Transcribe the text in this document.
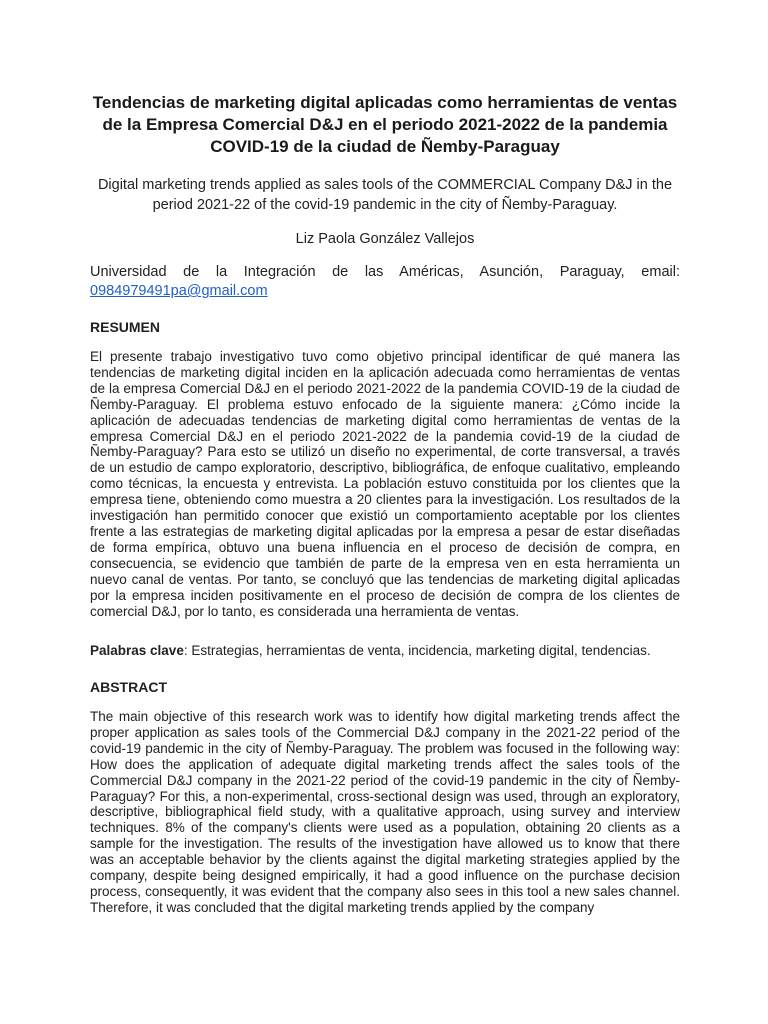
Tendencias de marketing digital aplicadas como herramientas de ventas de la Empresa Comercial D&J en el periodo 2021-2022 de la pandemia COVID-19 de la ciudad de Ñemby-Paraguay
Digital marketing trends applied as sales tools of the COMMERCIAL Company D&J in the period 2021-22 of the covid-19 pandemic in the city of Ñemby-Paraguay.
Liz Paola González Vallejos
Universidad de la Integración de las Américas, Asunción, Paraguay, email: 0984979491pa@gmail.com
RESUMEN
El presente trabajo investigativo tuvo como objetivo principal identificar de qué manera las tendencias de marketing digital inciden en la aplicación adecuada como herramientas de ventas de la empresa Comercial D&J en el periodo 2021-2022 de la pandemia COVID-19 de la ciudad de Ñemby-Paraguay. El problema estuvo enfocado de la siguiente manera: ¿Cómo incide la aplicación de adecuadas tendencias de marketing digital como herramientas de ventas de la empresa Comercial D&J en el periodo 2021-2022 de la pandemia covid-19 de la ciudad de Ñemby-Paraguay? Para esto se utilizó un diseño no experimental, de corte transversal, a través de un estudio de campo exploratorio, descriptivo, bibliográfica, de enfoque cualitativo, empleando como técnicas, la encuesta y entrevista. La población estuvo constituida por los clientes que la empresa tiene, obteniendo como muestra a 20 clientes para la investigación. Los resultados de la investigación han permitido conocer que existió un comportamiento aceptable por los clientes frente a las estrategias de marketing digital aplicadas por la empresa a pesar de estar diseñadas de forma empírica, obtuvo una buena influencia en el proceso de decisión de compra, en consecuencia, se evidencio que también de parte de la empresa ven en esta herramienta un nuevo canal de ventas. Por tanto, se concluyó que las tendencias de marketing digital aplicadas por la empresa inciden positivamente en el proceso de decisión de compra de los clientes de comercial D&J, por lo tanto, es considerada una herramienta de ventas.
Palabras clave: Estrategias, herramientas de venta, incidencia, marketing digital, tendencias.
ABSTRACT
The main objective of this research work was to identify how digital marketing trends affect the proper application as sales tools of the Commercial D&J company in the 2021-22 period of the covid-19 pandemic in the city of Ñemby-Paraguay. The problem was focused in the following way: How does the application of adequate digital marketing trends affect the sales tools of the Commercial D&J company in the 2021-22 period of the covid-19 pandemic in the city of Ñemby-Paraguay? For this, a non-experimental, cross-sectional design was used, through an exploratory, descriptive, bibliographical field study, with a qualitative approach, using survey and interview techniques. 8% of the company's clients were used as a population, obtaining 20 clients as a sample for the investigation. The results of the investigation have allowed us to know that there was an acceptable behavior by the clients against the digital marketing strategies applied by the company, despite being designed empirically, it had a good influence on the purchase decision process, consequently, it was evident that the company also sees in this tool a new sales channel. Therefore, it was concluded that the digital marketing trends applied by the company
